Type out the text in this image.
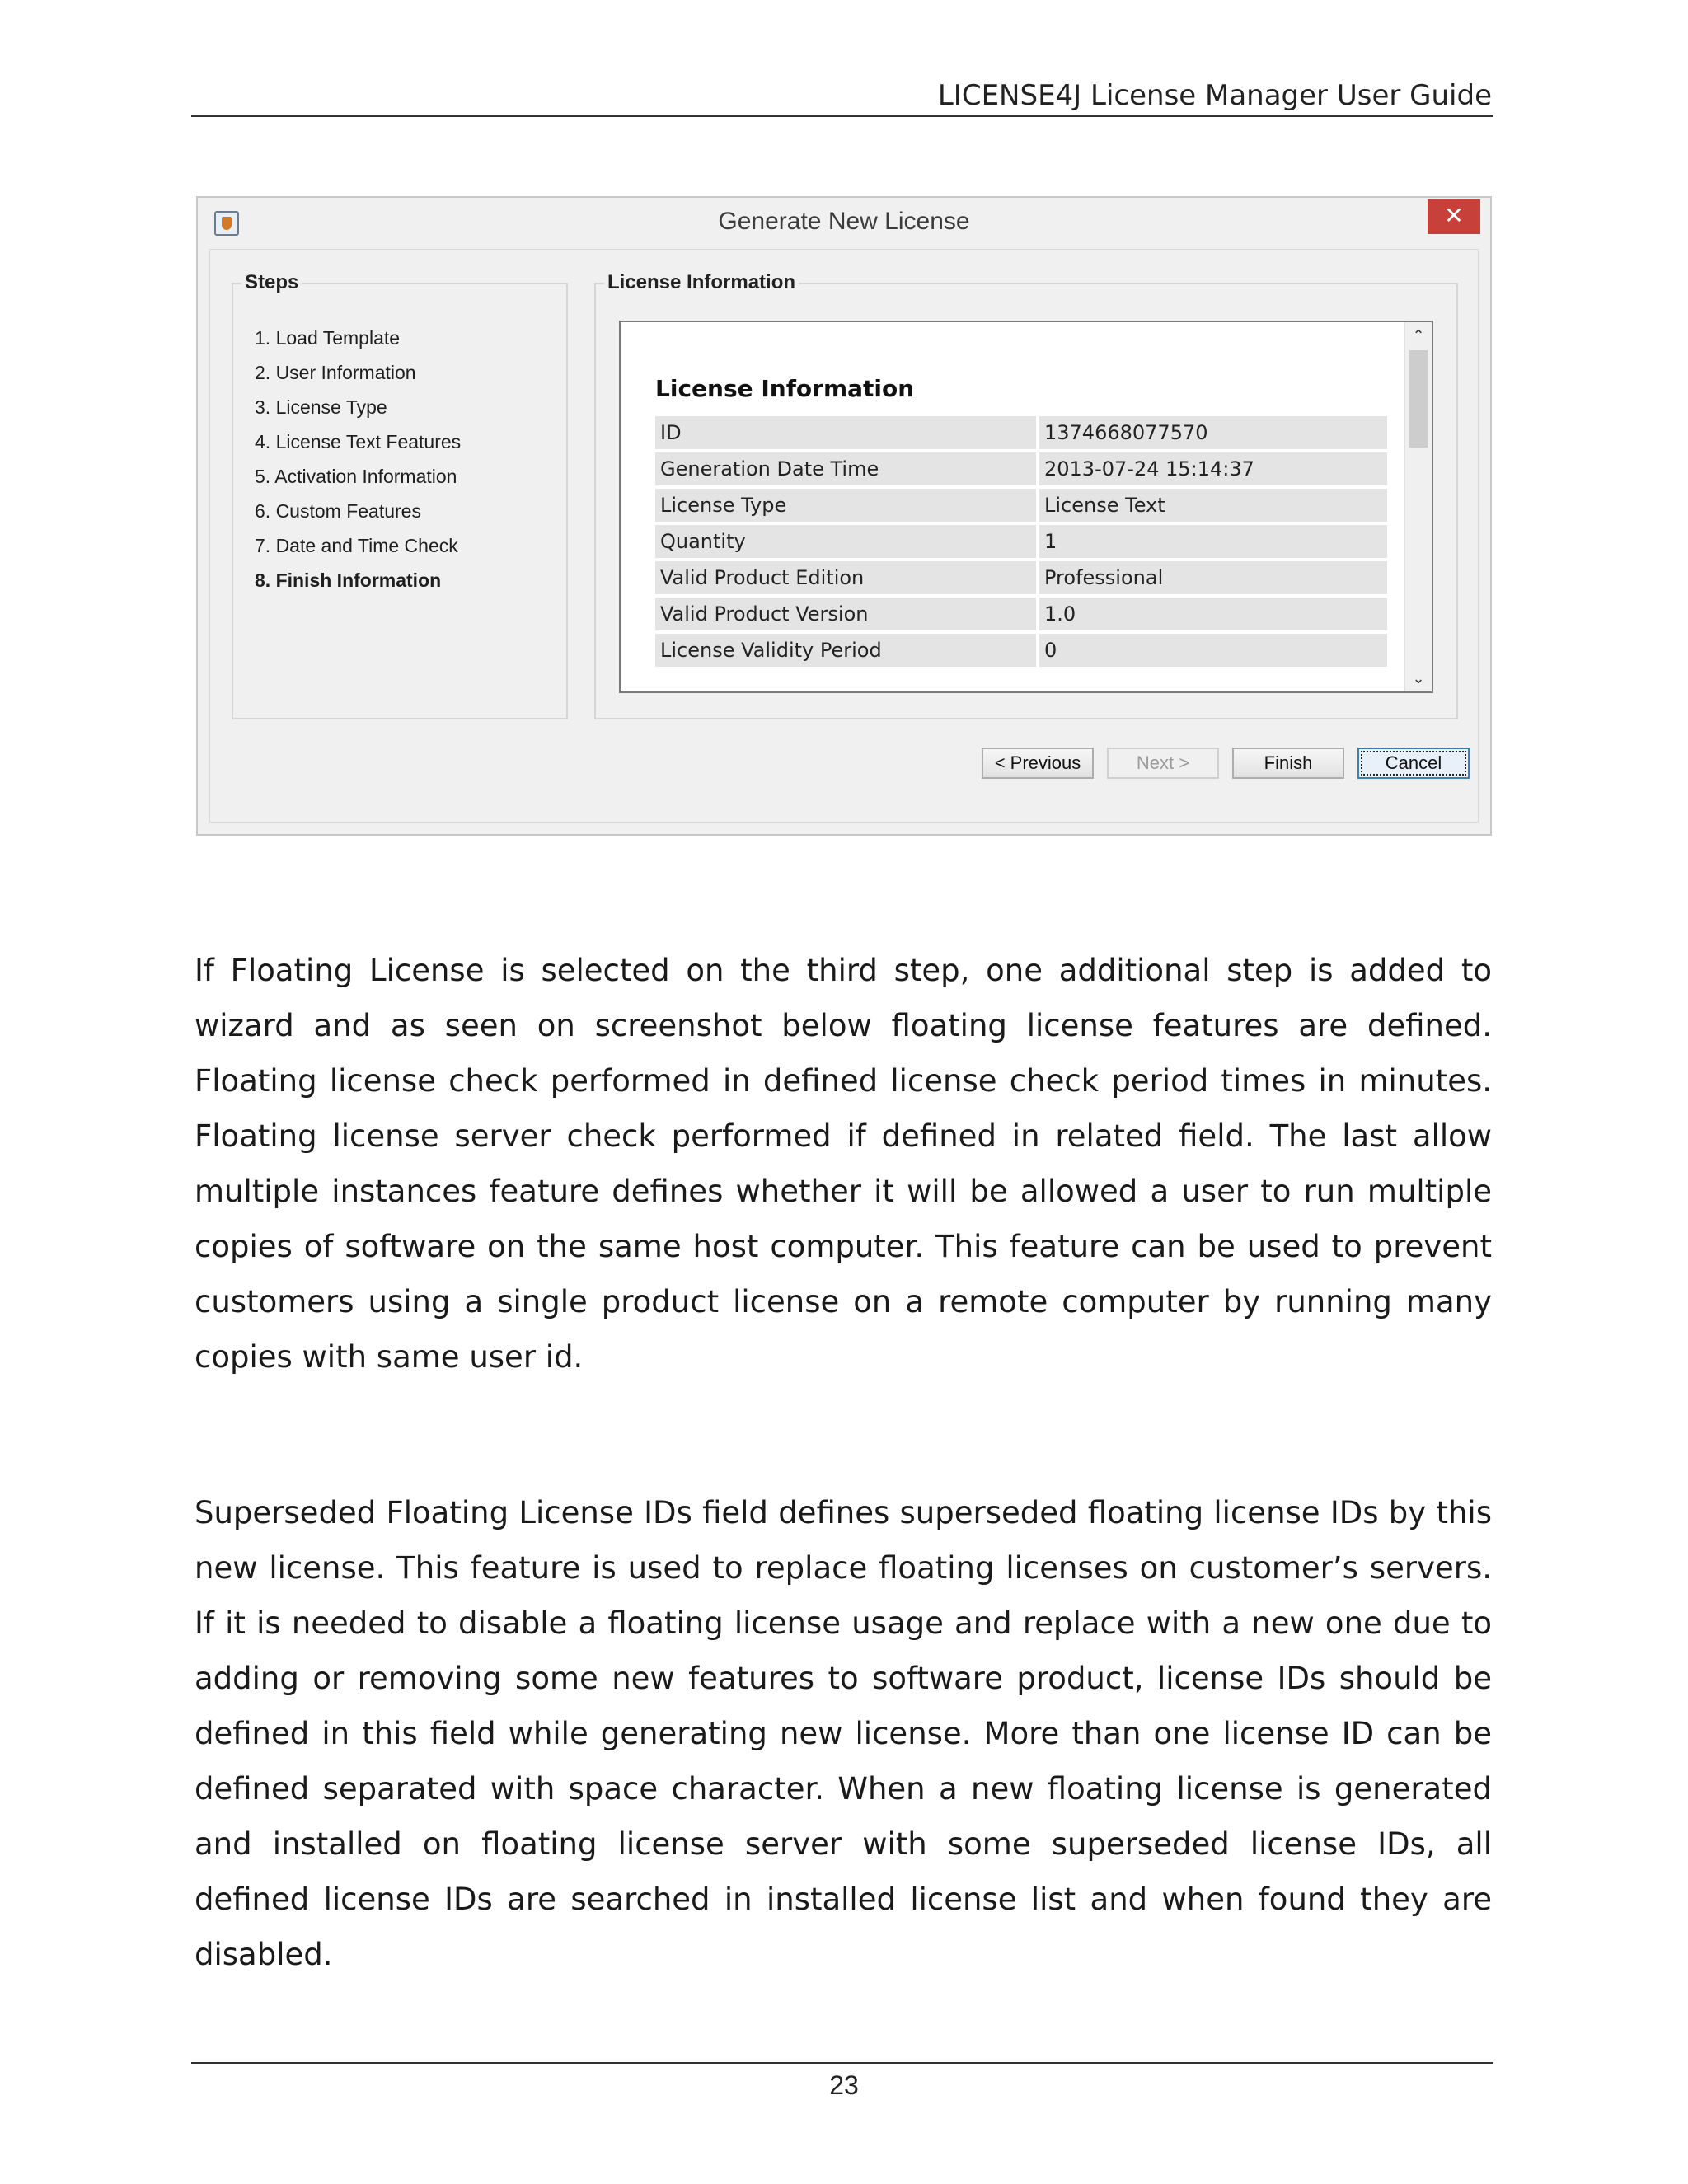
LICENSE4J License Manager User Guide
Generate New License	✕
Steps
1. Load Template
2. User Information
3. License Type
4. License Text Features
5. Activation Information
6. Custom Features
7. Date and Time Check
8. Finish Information
License Information
License Information
ID	1374668077570
Generation Date Time	2013-07-24 15:14:37
License Type	License Text
Quantity	1
Valid Product Edition	Professional
Valid Product Version	1.0
License Validity Period	0
⌃
⌄
< Previous	Next >	Finish	Cancel

If Floating License is selected on the third step, one additional step is added to wizard and as seen on screenshot below floating license features are defined. Floating license check performed in defined license check period times in minutes. Floating license server check performed if defined in related field. The last allow multiple instances feature defines whether it will be allowed a user to run multiple copies of software on the same host computer. This feature can be used to prevent customers using a single product license on a remote computer by running many copies with same user id.

Superseded Floating License IDs field defines superseded floating license IDs by this new license. This feature is used to replace floating licenses on customer’s servers. If it is needed to disable a floating license usage and replace with a new one due to adding or removing some new features to software product, license IDs should be defined in this field while generating new license. More than one license ID can be defined separated with space character. When a new floating license is generated and installed on floating license server with some superseded license IDs, all defined license IDs are searched in installed license list and when found they are disabled.

23
